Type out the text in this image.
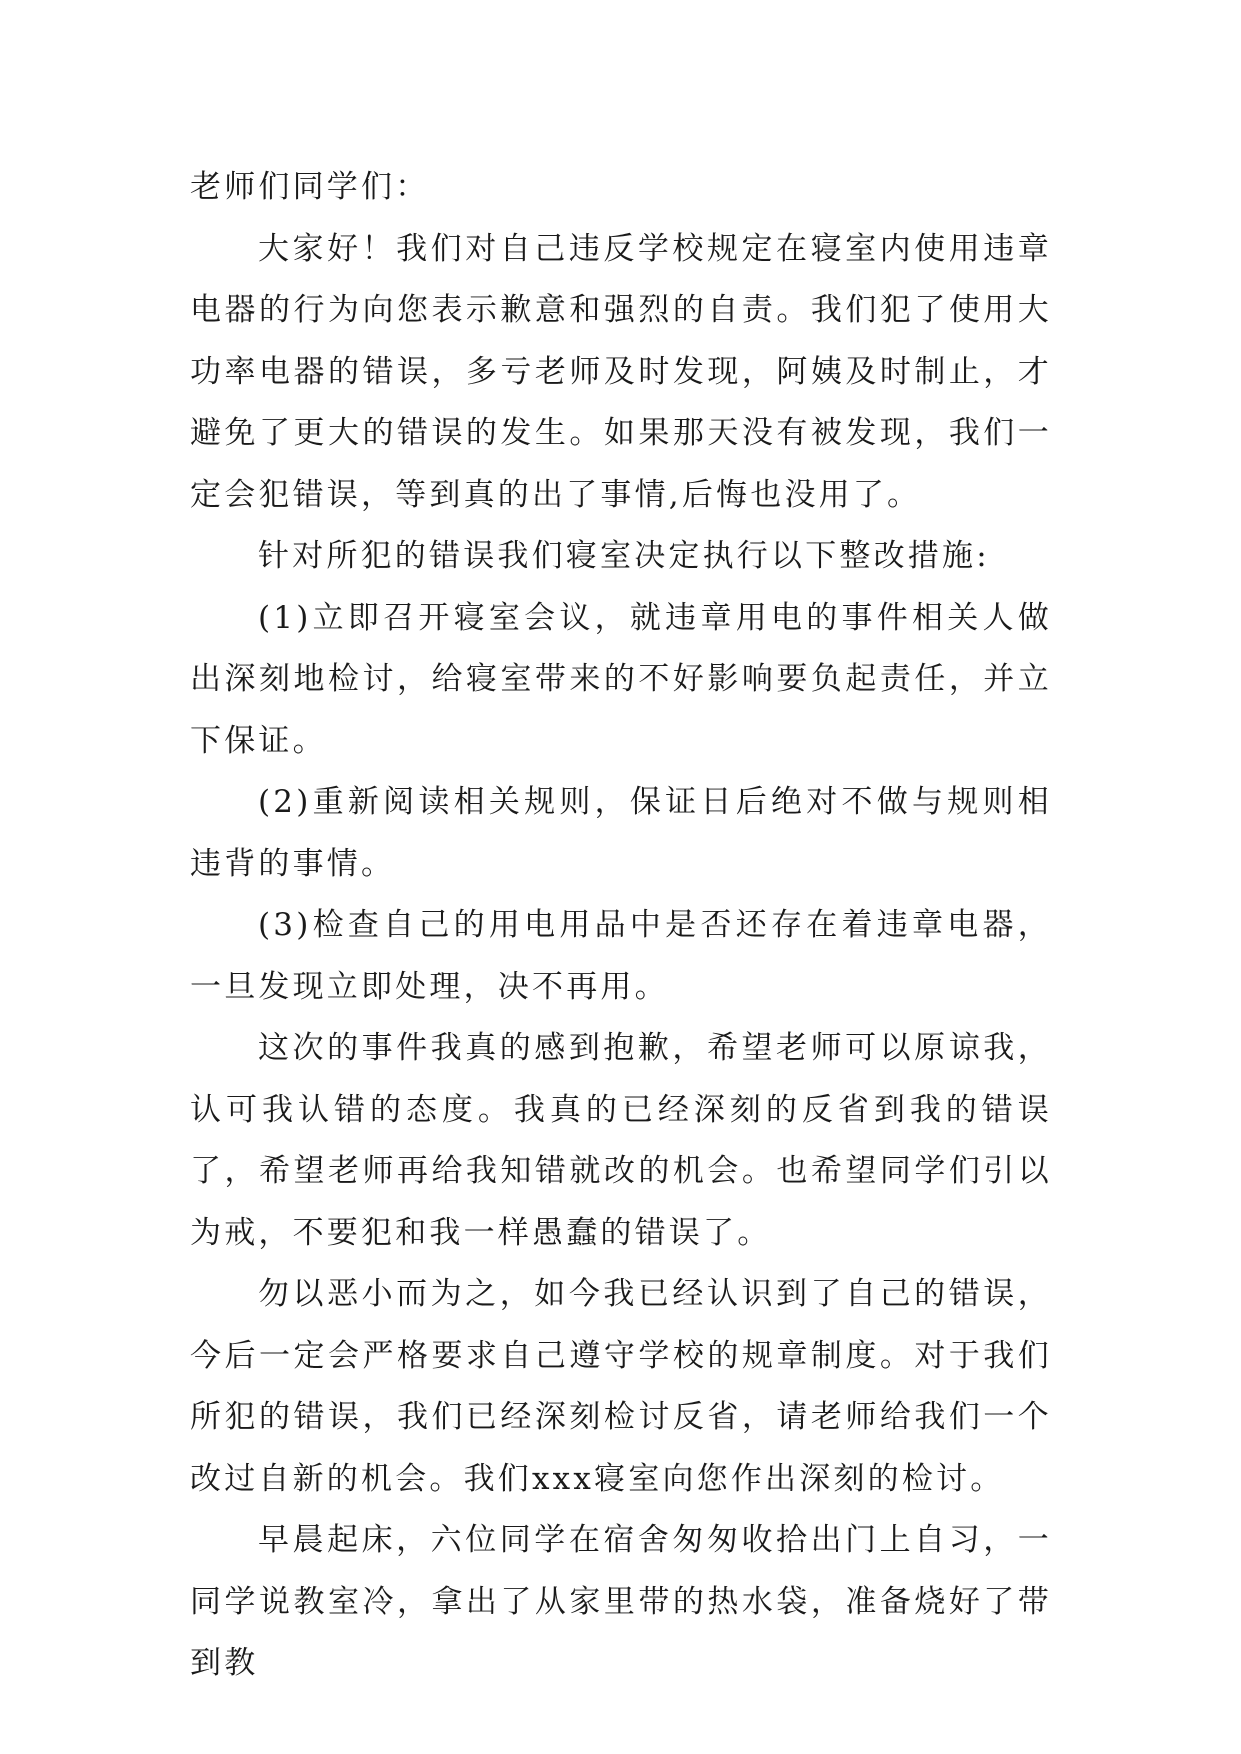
老师们同学们：

大家好！我们对自己违反学校规定在寝室内使用违章电器的行为向您表示歉意和强烈的自责。我们犯了使用大功率电器的错误，多亏老师及时发现，阿姨及时制止，才避免了更大的错误的发生。如果那天没有被发现，我们一定会犯错误，等到真的出了事情,后悔也没用了。

针对所犯的错误我们寝室决定执行以下整改措施:

(1)立即召开寝室会议，就违章用电的事件相关人做出深刻地检讨，给寝室带来的不好影响要负起责任，并立下保证。

(2)重新阅读相关规则，保证日后绝对不做与规则相违背的事情。

(3)检查自己的用电用品中是否还存在着违章电器，一旦发现立即处理，决不再用。

这次的事件我真的感到抱歉，希望老师可以原谅我，认可我认错的态度。我真的已经深刻的反省到我的错误了，希望老师再给我知错就改的机会。也希望同学们引以为戒，不要犯和我一样愚蠢的错误了。

勿以恶小而为之，如今我已经认识到了自己的错误，今后一定会严格要求自己遵守学校的规章制度。对于我们所犯的错误，我们已经深刻检讨反省，请老师给我们一个改过自新的机会。我们xxx寝室向您作出深刻的检讨。

早晨起床，六位同学在宿舍匆匆收拾出门上自习，一同学说教室冷，拿出了从家里带的热水袋，准备烧好了带到教
